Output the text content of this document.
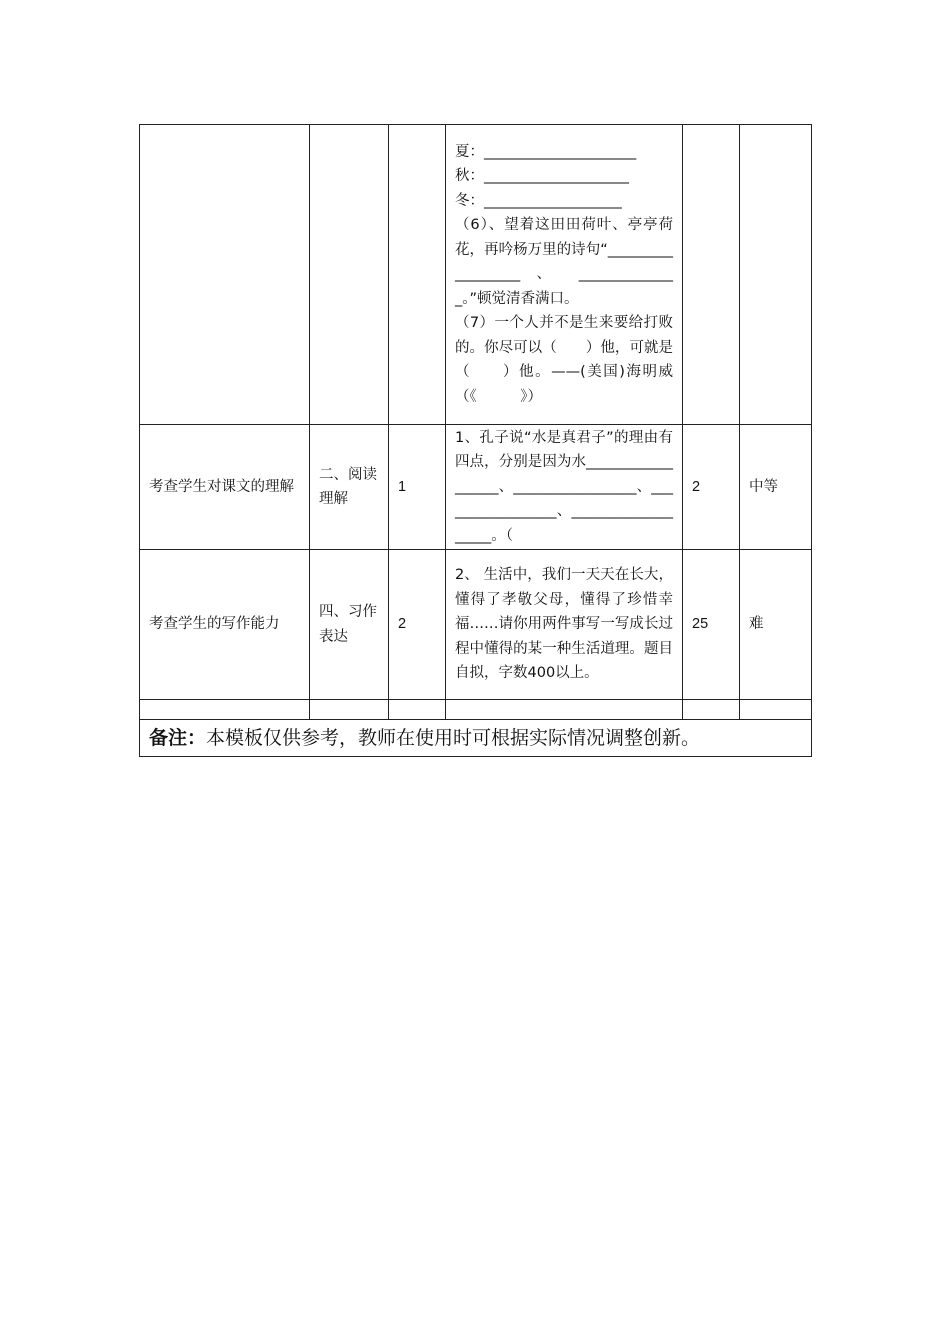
			夏：_____________________

秋：____________________

冬：___________________

（6）、望着这田田荷叶、亭亭荷花，再吟杨万里的诗句“__________________ 、 ______________。”顿觉清香满口。

（7）一个人并不是生来要给打败的。你尽可以（　　）他，可就是（　　）他。——(美国)海明威（《　　　》）		

考查学生对课文的理解	二、阅读理解	1	1、孔子说“水是真君子”的理由有四点，分别是因为水__________________、_________________、_________________、___________________。（	2	中等
考查学生的写作能力	四、习作表达	2	2、 生活中，我们一天天在长大，懂得了孝敬父母，懂得了珍惜幸福……请你用两件事写一写成长过程中懂得的某一种生活道理。题目自拟，字数400以上。	25	难

备注：本模板仅供参考，教师在使用时可根据实际情况调整创新。					
